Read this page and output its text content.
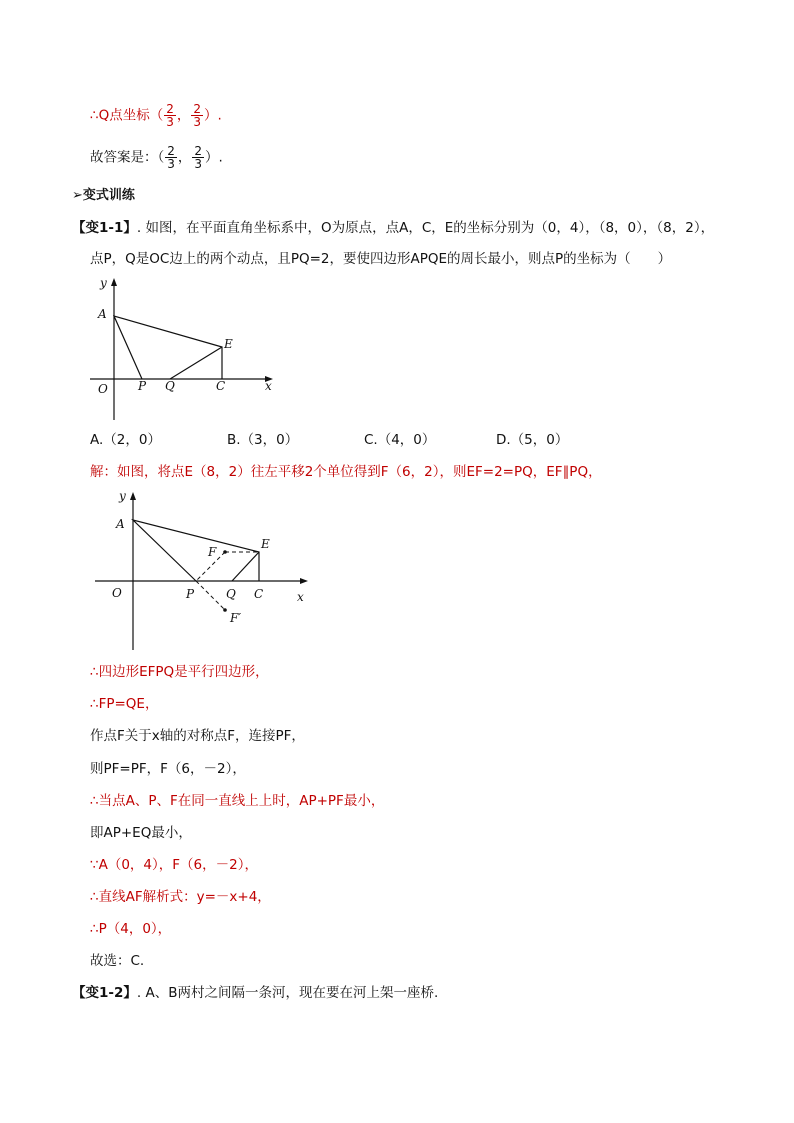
∴Q点坐标（ $\frac{2}{3}$ ， $\frac{2}{3}$ ）.
故答案是：（ $\frac{2}{3}$ ， $\frac{2}{3}$ ）.
➢变式训练
【变1-1】. 如图，在平面直角坐标系中，O为原点，点A，C，E的坐标分别为（0，4），（8，0），（8，2），
点P，Q是OC边上的两个动点，且PQ=2，要使四边形APQE的周长最小，则点P的坐标为（　　）
y
A
E
O	P Q	C	x
A.（2，0）	B.（3，0）	C.（4，0）	D.（5，0）
解：如图，将点E（8，2）往左平移2个单位得到F（6，2），则EF=2=PQ，EF∥PQ，
y
A
F
E
O	P	Q C	x
F′
∴四边形EFPQ是平行四边形，
∴FP=QE，
作点F关于x轴的对称点F，连接PF，
则PF=PF，F（6，－2），
∴当点A、P、F在同一直线上上时，AP+PF最小，
即AP+EQ最小，
∵A（0，4），F（6，－2），
∴直线AF解析式：y=－x+4，
∴P（4，0），
故选：C.
【变1-2】. A、B两村之间隔一条河，现在要在河上架一座桥.
